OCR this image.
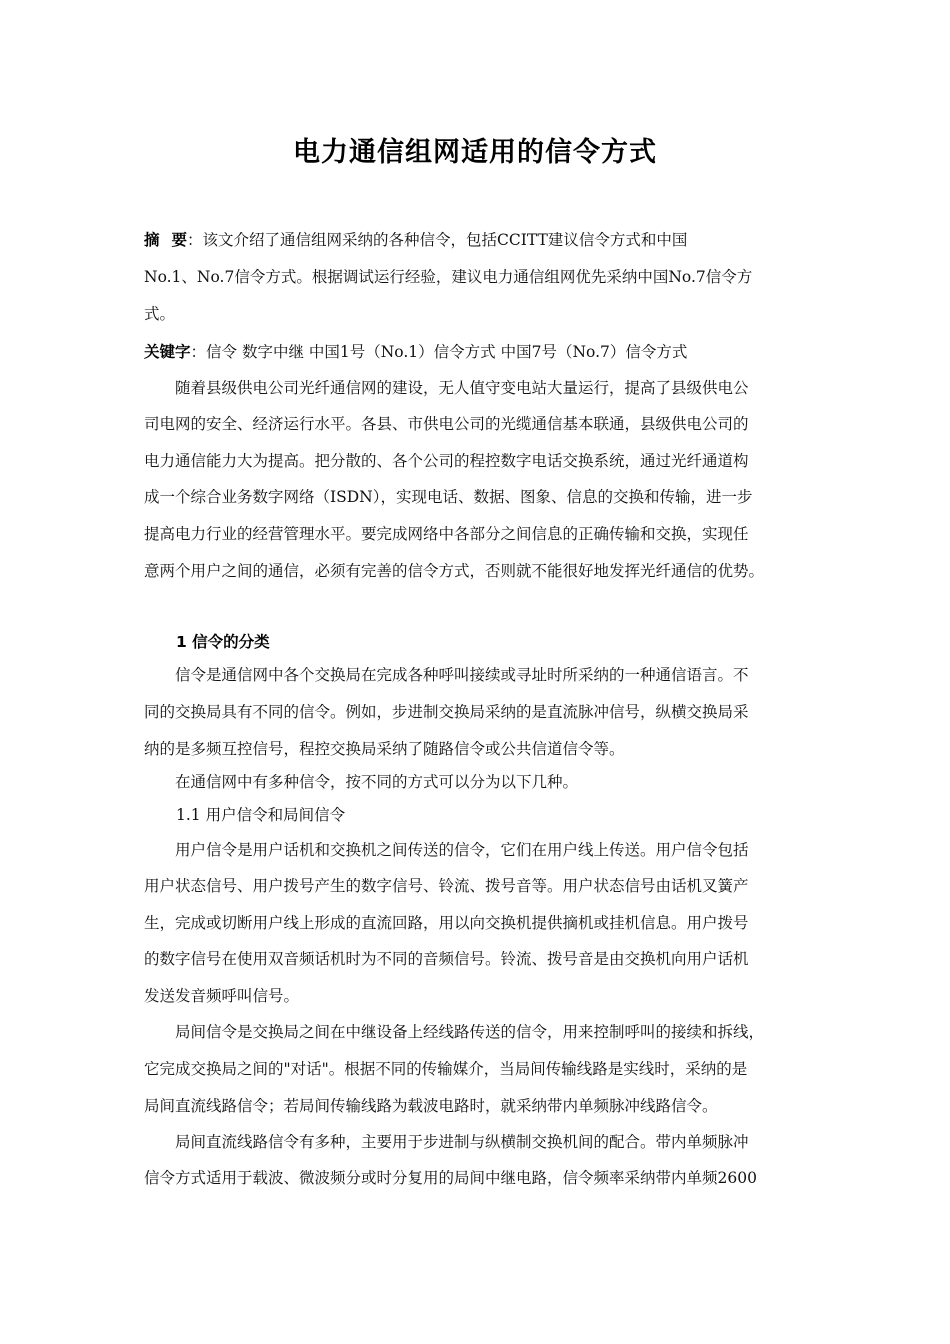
电力通信组网适用的信令方式
摘 要：该文介绍了通信组网采纳的各种信令，包括CCITT建议信令方式和中国
No.1、No.7信令方式。根据调试运行经验，建议电力通信组网优先采纳中国No.7信令方
式。
关键字：信令 数字中继 中国1号（No.1）信令方式 中国7号（No.7）信令方式
　　随着县级供电公司光纤通信网的建设，无人值守变电站大量运行，提高了县级供电公
司电网的安全、经济运行水平。各县、市供电公司的光缆通信基本联通，县级供电公司的
电力通信能力大为提高。把分散的、各个公司的程控数字电话交换系统，通过光纤通道构
成一个综合业务数字网络（ISDN），实现电话、数据、图象、信息的交换和传输，进一步
提高电力行业的经营管理水平。要完成网络中各部分之间信息的正确传输和交换，实现任
意两个用户之间的通信，必须有完善的信令方式，否则就不能很好地发挥光纤通信的优势。
1 信令的分类
　　信令是通信网中各个交换局在完成各种呼叫接续或寻址时所采纳的一种通信语言。不
同的交换局具有不同的信令。例如，步进制交换局采纳的是直流脉冲信号，纵横交换局采
纳的是多频互控信号，程控交换局采纳了随路信令或公共信道信令等。
　　在通信网中有多种信令，按不同的方式可以分为以下几种。
1.1 用户信令和局间信令
　　用户信令是用户话机和交换机之间传送的信令，它们在用户线上传送。用户信令包括
用户状态信号、用户拨号产生的数字信号、铃流、拨号音等。用户状态信号由话机叉簧产
生，完成或切断用户线上形成的直流回路，用以向交换机提供摘机或挂机信息。用户拨号
的数字信号在使用双音频话机时为不同的音频信号。铃流、拨号音是由交换机向用户话机
发送发音频呼叫信号。
　　局间信令是交换局之间在中继设备上经线路传送的信令，用来控制呼叫的接续和拆线，
它完成交换局之间的"对话"。根据不同的传输媒介，当局间传输线路是实线时，采纳的是
局间直流线路信令；若局间传输线路为载波电路时，就采纳带内单频脉冲线路信令。
　　局间直流线路信令有多种，主要用于步进制与纵横制交换机间的配合。带内单频脉冲
信令方式适用于载波、微波频分或时分复用的局间中继电路，信令频率采纳带内单频2600
